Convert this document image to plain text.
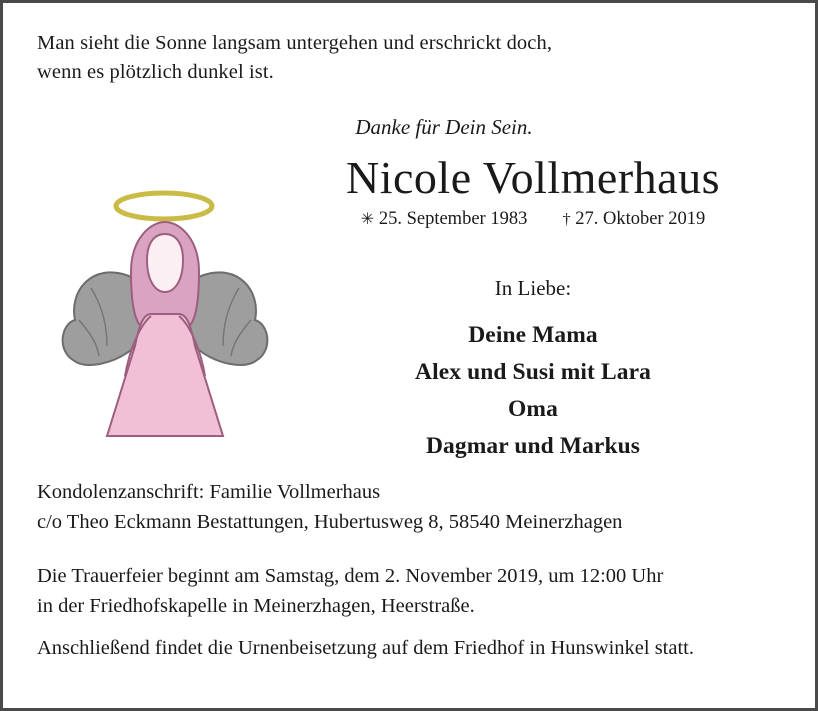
Man sieht die Sonne langsam untergehen und erschrickt doch,
wenn es plötzlich dunkel ist.
Danke für Dein Sein.
Nicole Vollmerhaus
✳ 25. September 1983 † 27. Oktober 2019
In Liebe:
Deine Mama
Alex und Susi mit Lara
Oma
Dagmar und Markus
Kondolenzanschrift: Familie Vollmerhaus
c/o Theo Eckmann Bestattungen, Hubertusweg 8, 58540 Meinerzhagen
Die Trauerfeier beginnt am Samstag, dem 2. November 2019, um 12:00 Uhr
in der Friedhofskapelle in Meinerzhagen, Heerstraße.
Anschließend findet die Urnenbeisetzung auf dem Friedhof in Hunswinkel statt.
